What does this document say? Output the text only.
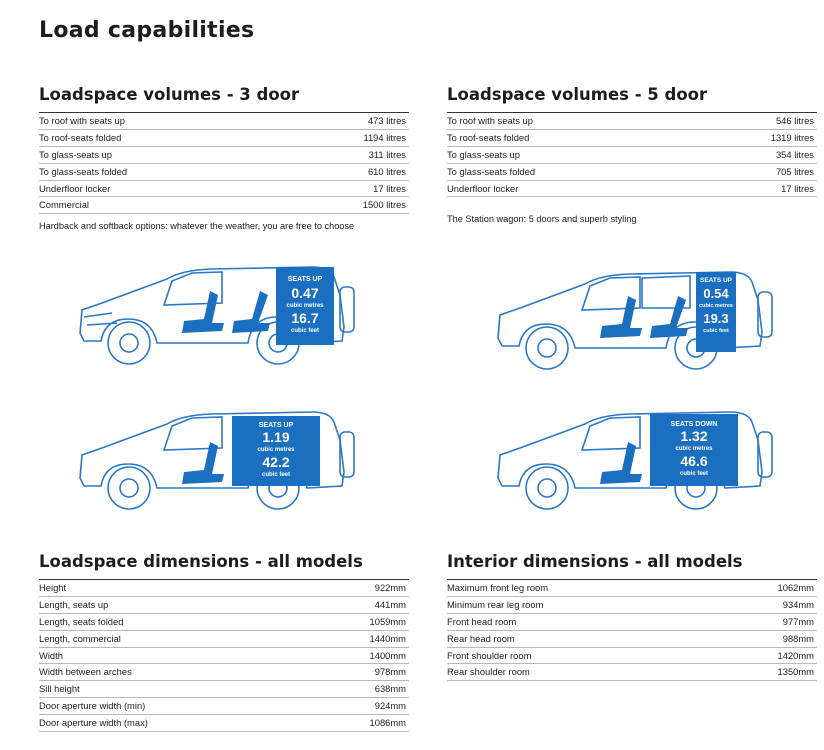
Load capabilities
Loadspace volumes - 3 door
To roof with seats up	473 litres
To roof-seats folded	1194 litres
To glass-seats up	311 litres
To glass-seats folded	610 litres
Underfloor locker	17 litres
Commercial	1500 litres
Hardback and softback options: whatever the weather, you are free to choose
Loadspace volumes - 5 door
To roof with seats up	546 litres
To roof-seats folded	1319 litres
To glass-seats up	354 litres
To glass-seats folded	705 litres
Underfloor locker	17 litres
The Station wagon: 5 doors and superb styling
SEATS UP
0.47
cubic metres
16.7
cubic feet
SEATS UP
0.54
cubic metres
19.3
cubic feet
SEATS UP
1.19
cubic metres
42.2
cubic feet
SEATS DOWN
1.32
cubic metres
46.6
cubic feet
Loadspace dimensions - all models
Height	922mm
Length, seats up	441mm
Length, seats folded	1059mm
Length, commercial	1440mm
Width	1400mm
Width between arches	978mm
Sill height	638mm
Door aperture width (min)	924mm
Door aperture width (max)	1086mm
Interior dimensions - all models
Maximum front leg room	1062mm
Minimum rear leg room	934mm
Front head room	977mm
Rear head room	988mm
Front shoulder room	1420mm
Rear shoulder room	1350mm
